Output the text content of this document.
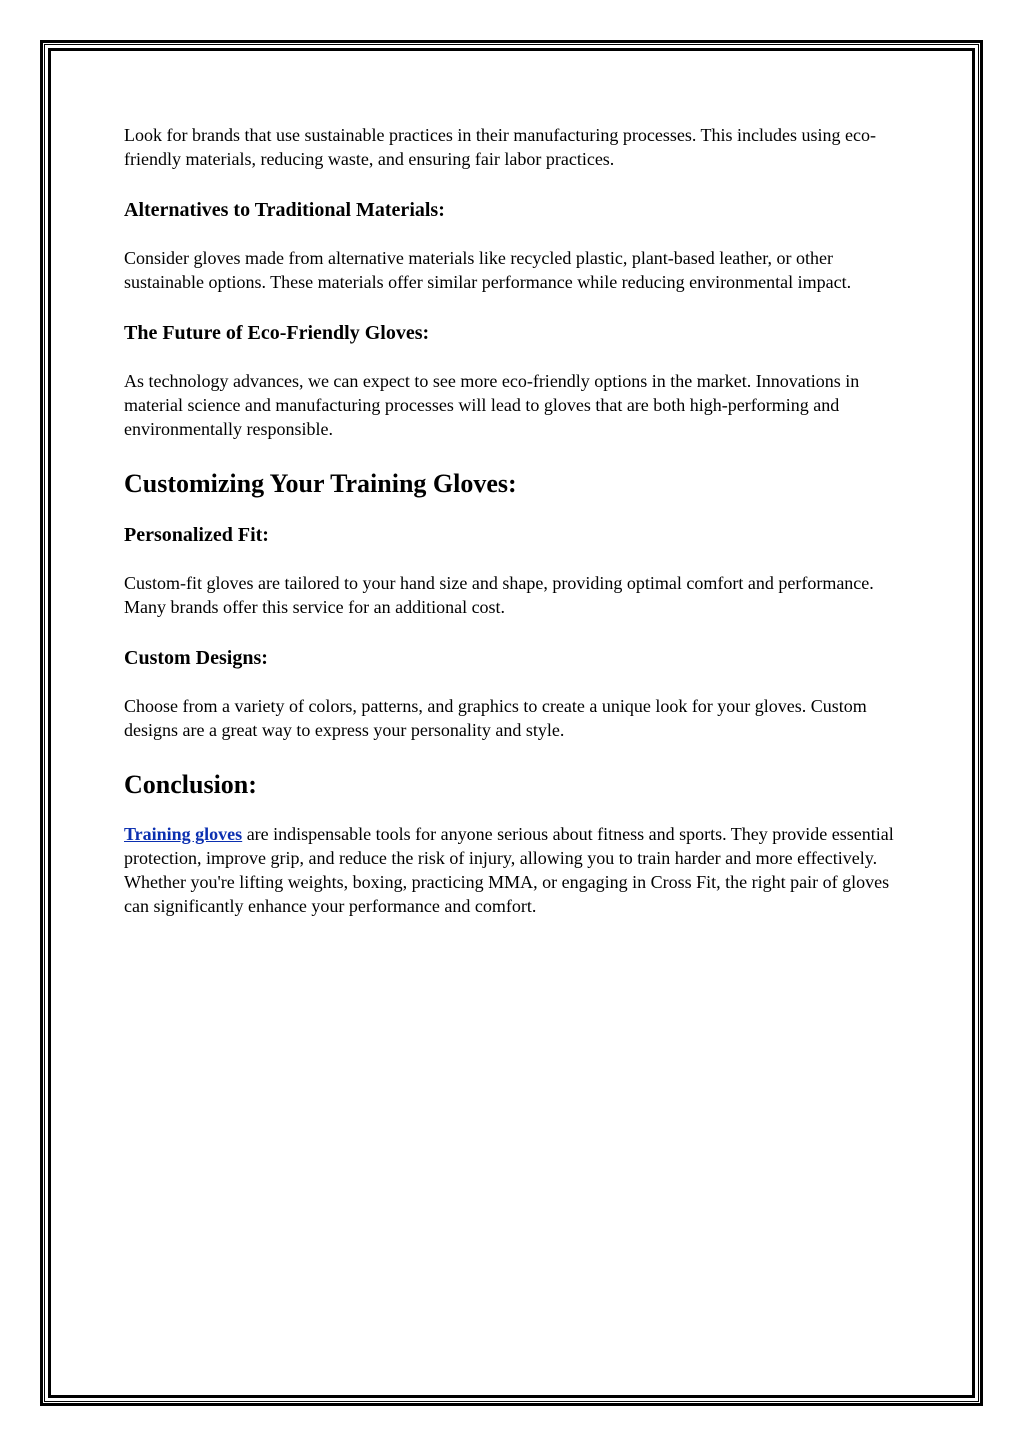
Look for brands that use sustainable practices in their manufacturing processes. This includes using eco-friendly materials, reducing waste, and ensuring fair labor practices.

Alternatives to Traditional Materials:

Consider gloves made from alternative materials like recycled plastic, plant-based leather, or other sustainable options. These materials offer similar performance while reducing environmental impact.

The Future of Eco-Friendly Gloves:

As technology advances, we can expect to see more eco-friendly options in the market. Innovations in material science and manufacturing processes will lead to gloves that are both high-performing and environmentally responsible.

Customizing Your Training Gloves:
Personalized Fit:

Custom-fit gloves are tailored to your hand size and shape, providing optimal comfort and performance. Many brands offer this service for an additional cost.

Custom Designs:

Choose from a variety of colors, patterns, and graphics to create a unique look for your gloves. Custom designs are a great way to express your personality and style.

Conclusion:

Training gloves are indispensable tools for anyone serious about fitness and sports. They provide essential protection, improve grip, and reduce the risk of injury, allowing you to train harder and more effectively. Whether you're lifting weights, boxing, practicing MMA, or engaging in Cross Fit, the right pair of gloves can significantly enhance your performance and comfort.
